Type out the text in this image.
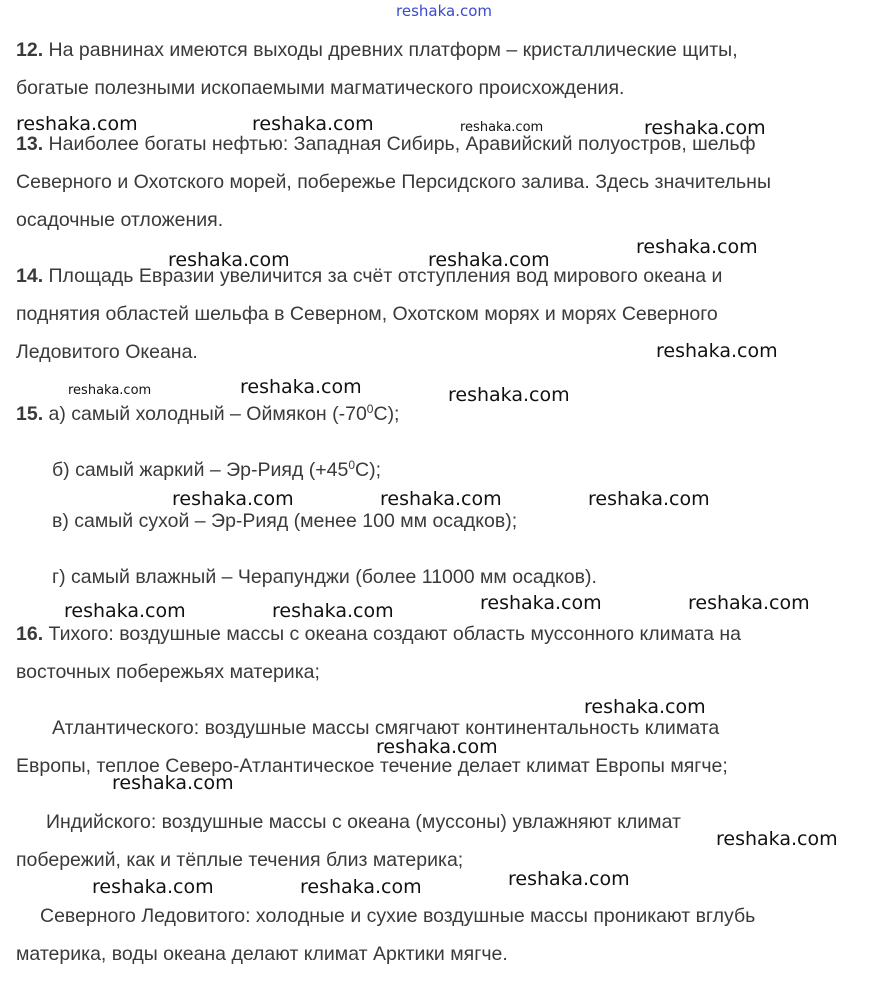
12. На равнинах имеются выходы древних платформ – кристаллические щиты,
богатые полезными ископаемыми магматического происхождения.
13. Наиболее богаты нефтью: Западная Сибирь, Аравийский полуостров, шельф
Северного и Охотского морей, побережье Персидского залива. Здесь значительны
осадочные отложения.
14. Площадь Евразии увеличится за счёт отступления вод мирового океана и
поднятия областей шельфа в Северном, Охотском морях и морях Северного
Ледовитого Океана.
15. а) самый холодный – Оймякон $(-70^0С)$;
б) самый жаркий – Эр-Рияд $(+45^0С)$;
в) самый сухой – Эр-Рияд (менее 100 мм осадков);
г) самый влажный – Черапунджи (более 11000 мм осадков).
16. Тихого: воздушные массы с океана создают область муссонного климата на
восточных побережьях материка;
Атлантического: воздушные массы смягчают континентальность климата
Европы, теплое Северо-Атлантическое течение делает климат Европы мягче;
Индийского: воздушные массы с океана (муссоны) увлажняют климат
побережий, как и тёплые течения близ материка;
Северного Ледовитого: холодные и сухие воздушные массы проникают вглубь
материка, воды океана делают климат Арктики мягче.
reshaka.com
reshaka.com	reshaka.com	reshaka.com	reshaka.com
reshaka.com
reshaka.com	reshaka.com
reshaka.com
reshaka.com
reshaka.com	reshaka.com
reshaka.com	reshaka.com	reshaka.com
reshaka.com	reshaka.com
reshaka.com	reshaka.com
reshaka.com
reshaka.com
reshaka.com
reshaka.com
reshaka.com
reshaka.com	reshaka.com
